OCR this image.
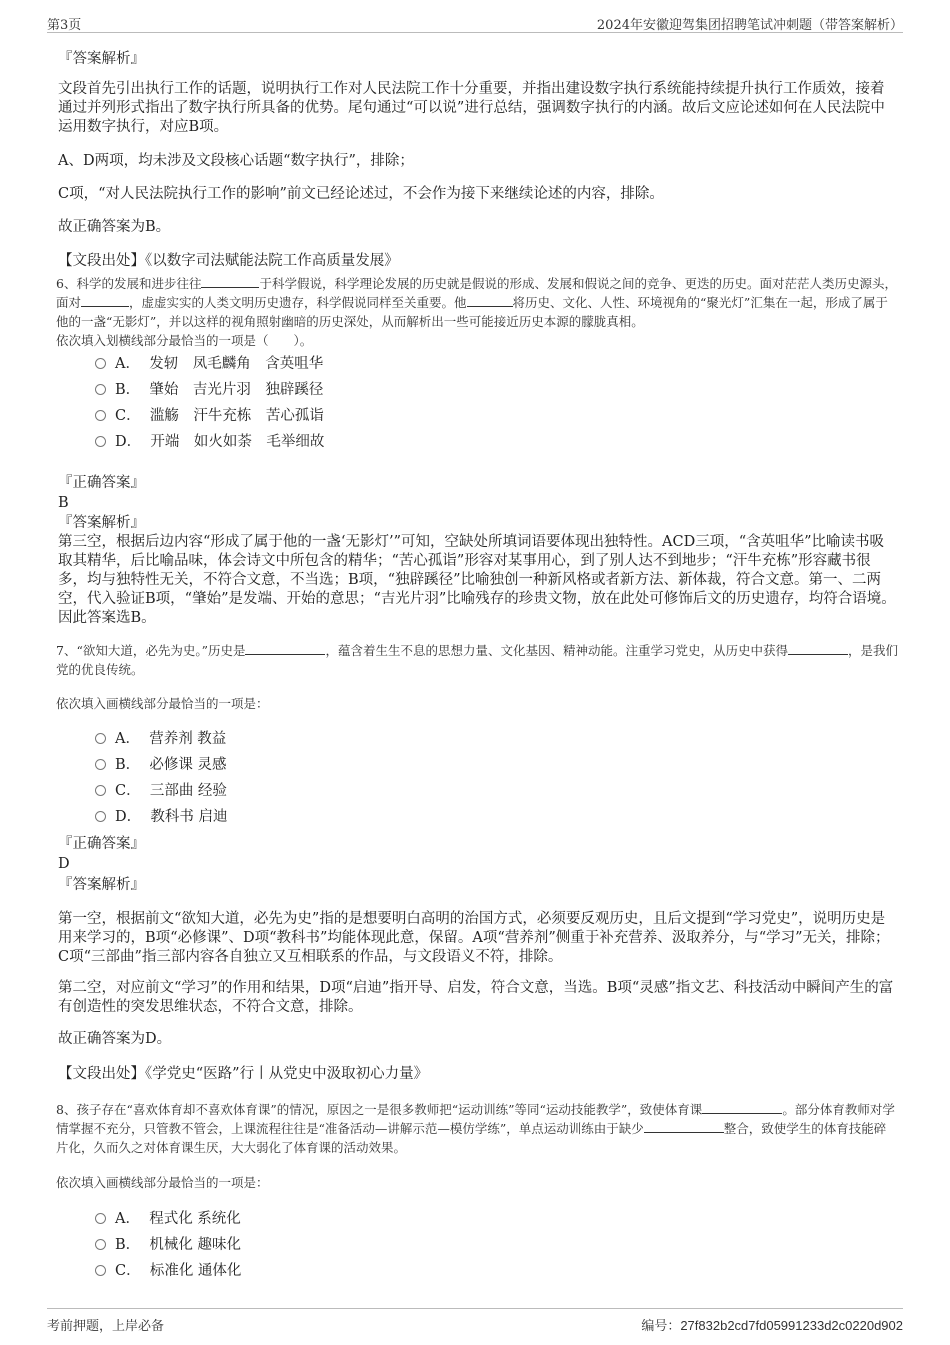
第3页	2024年安徽迎驾集团招聘笔试冲刺题（带答案解析）
『答案解析』
文段首先引出执行工作的话题，说明执行工作对人民法院工作十分重要，并指出建设数字执行系统能持续提升执行工作质效，接着通过并列形式指出了数字执行所具备的优势。尾句通过“可以说”进行总结，强调数字执行的内涵。故后文应论述如何在人民法院中运用数字执行，对应B项。
A、D两项，均未涉及文段核心话题“数字执行”，排除；
C项，“对人民法院执行工作的影响”前文已经论述过，不会作为接下来继续论述的内容，排除。
故正确答案为B。
【文段出处】《以数字司法赋能法院工作高质量发展》
6、科学的发展和进步往往	于科学假说，科学理论发展的历史就是假说的形成、发展和假说之间的竞争、更迭的历史。面对茫茫人类历史源头，面对	，虚虚实实的人类文明历史遗存，科学假说同样至关重要。他	将历史、文化、人性、环境视角的“聚光灯”汇集在一起，形成了属于他的一盏“无影灯”，并以这样的视角照射幽暗的历史深处，从而解析出一些可能接近历史本源的朦胧真相。
依次填入划横线部分最恰当的一项是（　　）。
A． 发轫　凤毛麟角　含英咀华
B． 肇始　吉光片羽　独辟蹊径
C． 滥觞　汗牛充栋　苦心孤诣
D． 开端　如火如荼　毛举细故
『正确答案』
B
『答案解析』
第三空，根据后边内容“形成了属于他的一盏‘无影灯’”可知，空缺处所填词语要体现出独特性。ACD三项，“含英咀华”比喻读书吸取其精华，后比喻品味，体会诗文中所包含的精华；“苦心孤诣”形容对某事用心，到了别人达不到地步；“汗牛充栋”形容藏书很多，均与独特性无关，不符合文意，不当选；B项，“独辟蹊径”比喻独创一种新风格或者新方法、新体裁，符合文意。第一、二两空，代入验证B项，“肇始”是发端、开始的意思；“吉光片羽”比喻残存的珍贵文物，放在此处可修饰后文的历史遗存，均符合语境。因此答案选B。
7、“欲知大道，必先为史。”历史是	，蕴含着生生不息的思想力量、文化基因、精神动能。注重学习党史，从历史中获得	，是我们党的优良传统。
依次填入画横线部分最恰当的一项是：
A． 营养剂 教益
B． 必修课 灵感
C． 三部曲 经验
D． 教科书 启迪
『正确答案』
D
『答案解析』
第一空，根据前文“欲知大道，必先为史”指的是想要明白高明的治国方式，必须要反观历史，且后文提到“学习党史”，说明历史是用来学习的，B项“必修课”、D项“教科书”均能体现此意，保留。A项“营养剂”侧重于补充营养、汲取养分，与“学习”无关，排除；C项“三部曲”指三部内容各自独立又互相联系的作品，与文段语义不符，排除。
第二空，对应前文“学习”的作用和结果，D项“启迪”指开导、启发，符合文意，当选。B项“灵感”指文艺、科技活动中瞬间产生的富有创造性的突发思维状态，不符合文意，排除。
故正确答案为D。
【文段出处】《学党史“医路”行丨从党史中汲取初心力量》
8、孩子存在“喜欢体育却不喜欢体育课”的情况，原因之一是很多教师把“运动训练”等同“运动技能教学”，致使体育课	。部分体育教师对学情掌握不充分，只管教不管会，上课流程往往是“准备活动—讲解示范—模仿学练”，单点运动训练由于缺少	整合，致使学生的体育技能碎片化，久而久之对体育课生厌，大大弱化了体育课的活动效果。
依次填入画横线部分最恰当的一项是：
A． 程式化 系统化
B． 机械化 趣味化
C． 标准化 通体化
考前押题，上岸必备	编号：27f832b2cd7fd05991233d2c0220d902
